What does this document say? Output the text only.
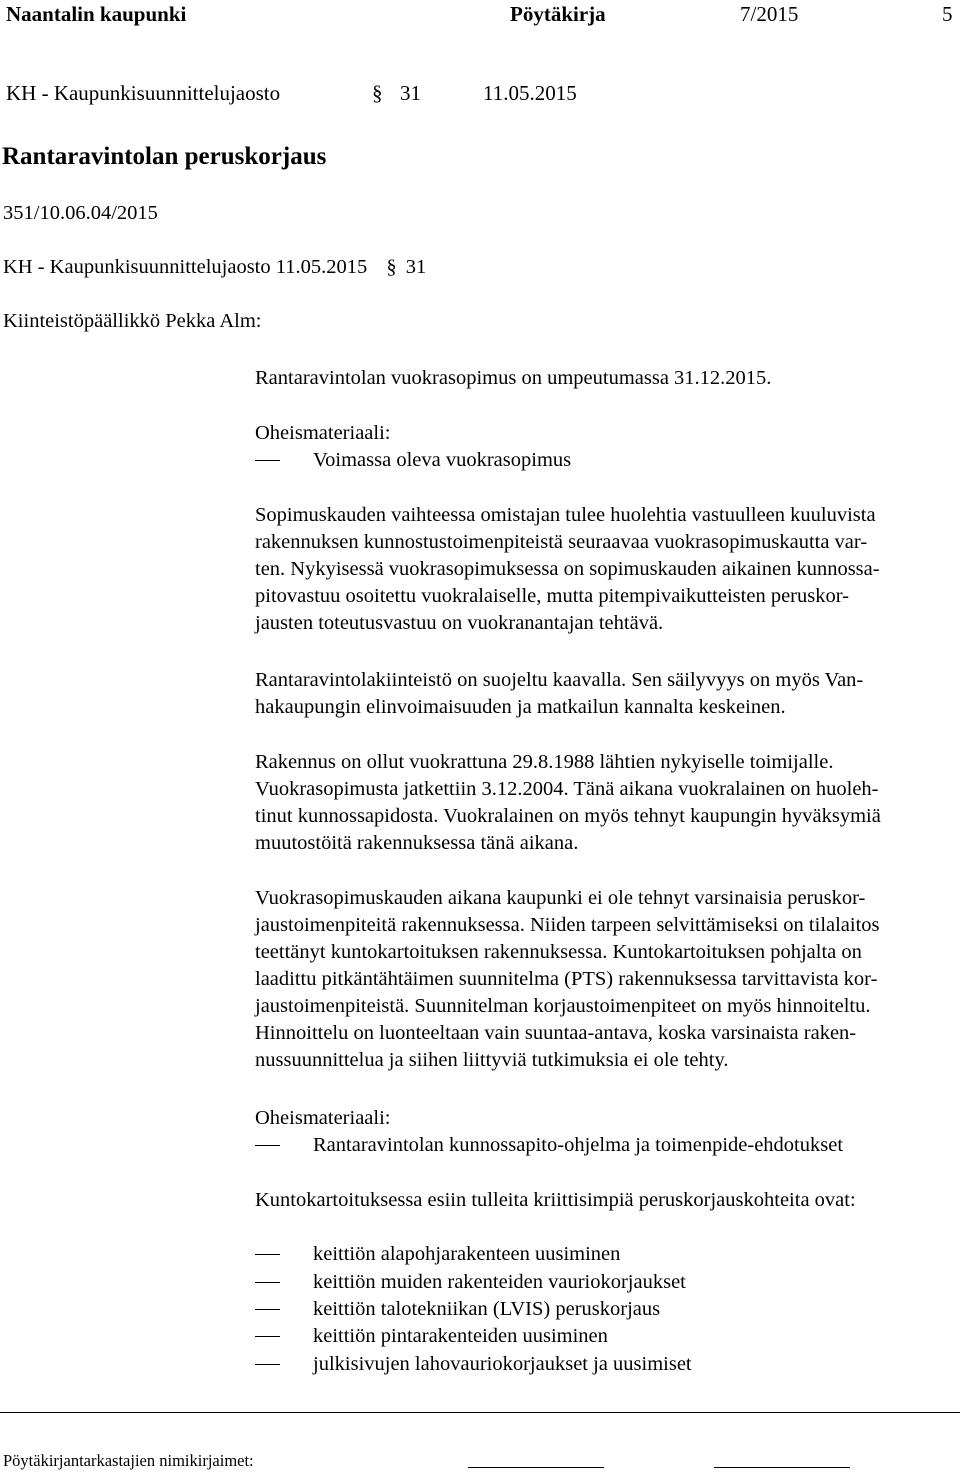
Naantalin kaupunki	Pöytäkirja	7/2015	5
KH - Kaupunkisuunnittelujaosto	§ 31	11.05.2015
Rantaravintolan peruskorjaus
351/10.06.04/2015
KH - Kaupunkisuunnittelujaosto 11.05.2015 § 31
Kiinteistöpäällikkö Pekka Alm:
Rantaravintolan vuokrasopimus on umpeutumassa 31.12.2015.
Oheismateriaali:
Voimassa oleva vuokrasopimus

Sopimuskauden vaihteessa omistajan tulee huolehtia vastuulleen kuuluvista

rakennuksen kunnostustoimenpiteistä seuraavaa vuokrasopimuskautta var-

ten. Nykyisessä vuokrasopimuksessa on sopimuskauden aikainen kunnossa-

pitovastuu osoitettu vuokralaiselle, mutta pitempivaikutteisten peruskor-

jausten toteutusvastuu on vuokranantajan tehtävä.

Rantaravintolakiinteistö on suojeltu kaavalla. Sen säilyvyys on myös Van-

hakaupungin elinvoimaisuuden ja matkailun kannalta keskeinen.

Rakennus on ollut vuokrattuna 29.8.1988 lähtien nykyiselle toimijalle.

Vuokrasopimusta jatkettiin 3.12.2004. Tänä aikana vuokralainen on huoleh-

tinut kunnossapidosta. Vuokralainen on myös tehnyt kaupungin hyväksymiä

muutostöitä rakennuksessa tänä aikana.

Vuokrasopimuskauden aikana kaupunki ei ole tehnyt varsinaisia peruskor-

jaustoimenpiteitä rakennuksessa. Niiden tarpeen selvittämiseksi on tilalaitos

teettänyt kuntokartoituksen rakennuksessa. Kuntokartoituksen pohjalta on

laadittu pitkäntähtäimen suunnitelma (PTS) rakennuksessa tarvittavista kor-

jaustoimenpiteistä. Suunnitelman korjaustoimenpiteet on myös hinnoiteltu.

Hinnoittelu on luonteeltaan vain suuntaa-antava, koska varsinaista raken-

nussuunnittelua ja siihen liittyviä tutkimuksia ei ole tehty.

Oheismateriaali:
Rantaravintolan kunnossapito-ohjelma ja toimenpide-ehdotukset
Kuntokartoituksessa esiin tulleita kriittisimpiä peruskorjauskohteita ovat:
keittiön alapohjarakenteen uusiminen
keittiön muiden rakenteiden vauriokorjaukset
keittiön talotekniikan (LVIS) peruskorjaus
keittiön pintarakenteiden uusiminen
julkisivujen lahovauriokorjaukset ja uusimiset
Pöytäkirjantarkastajien nimikirjaimet:
